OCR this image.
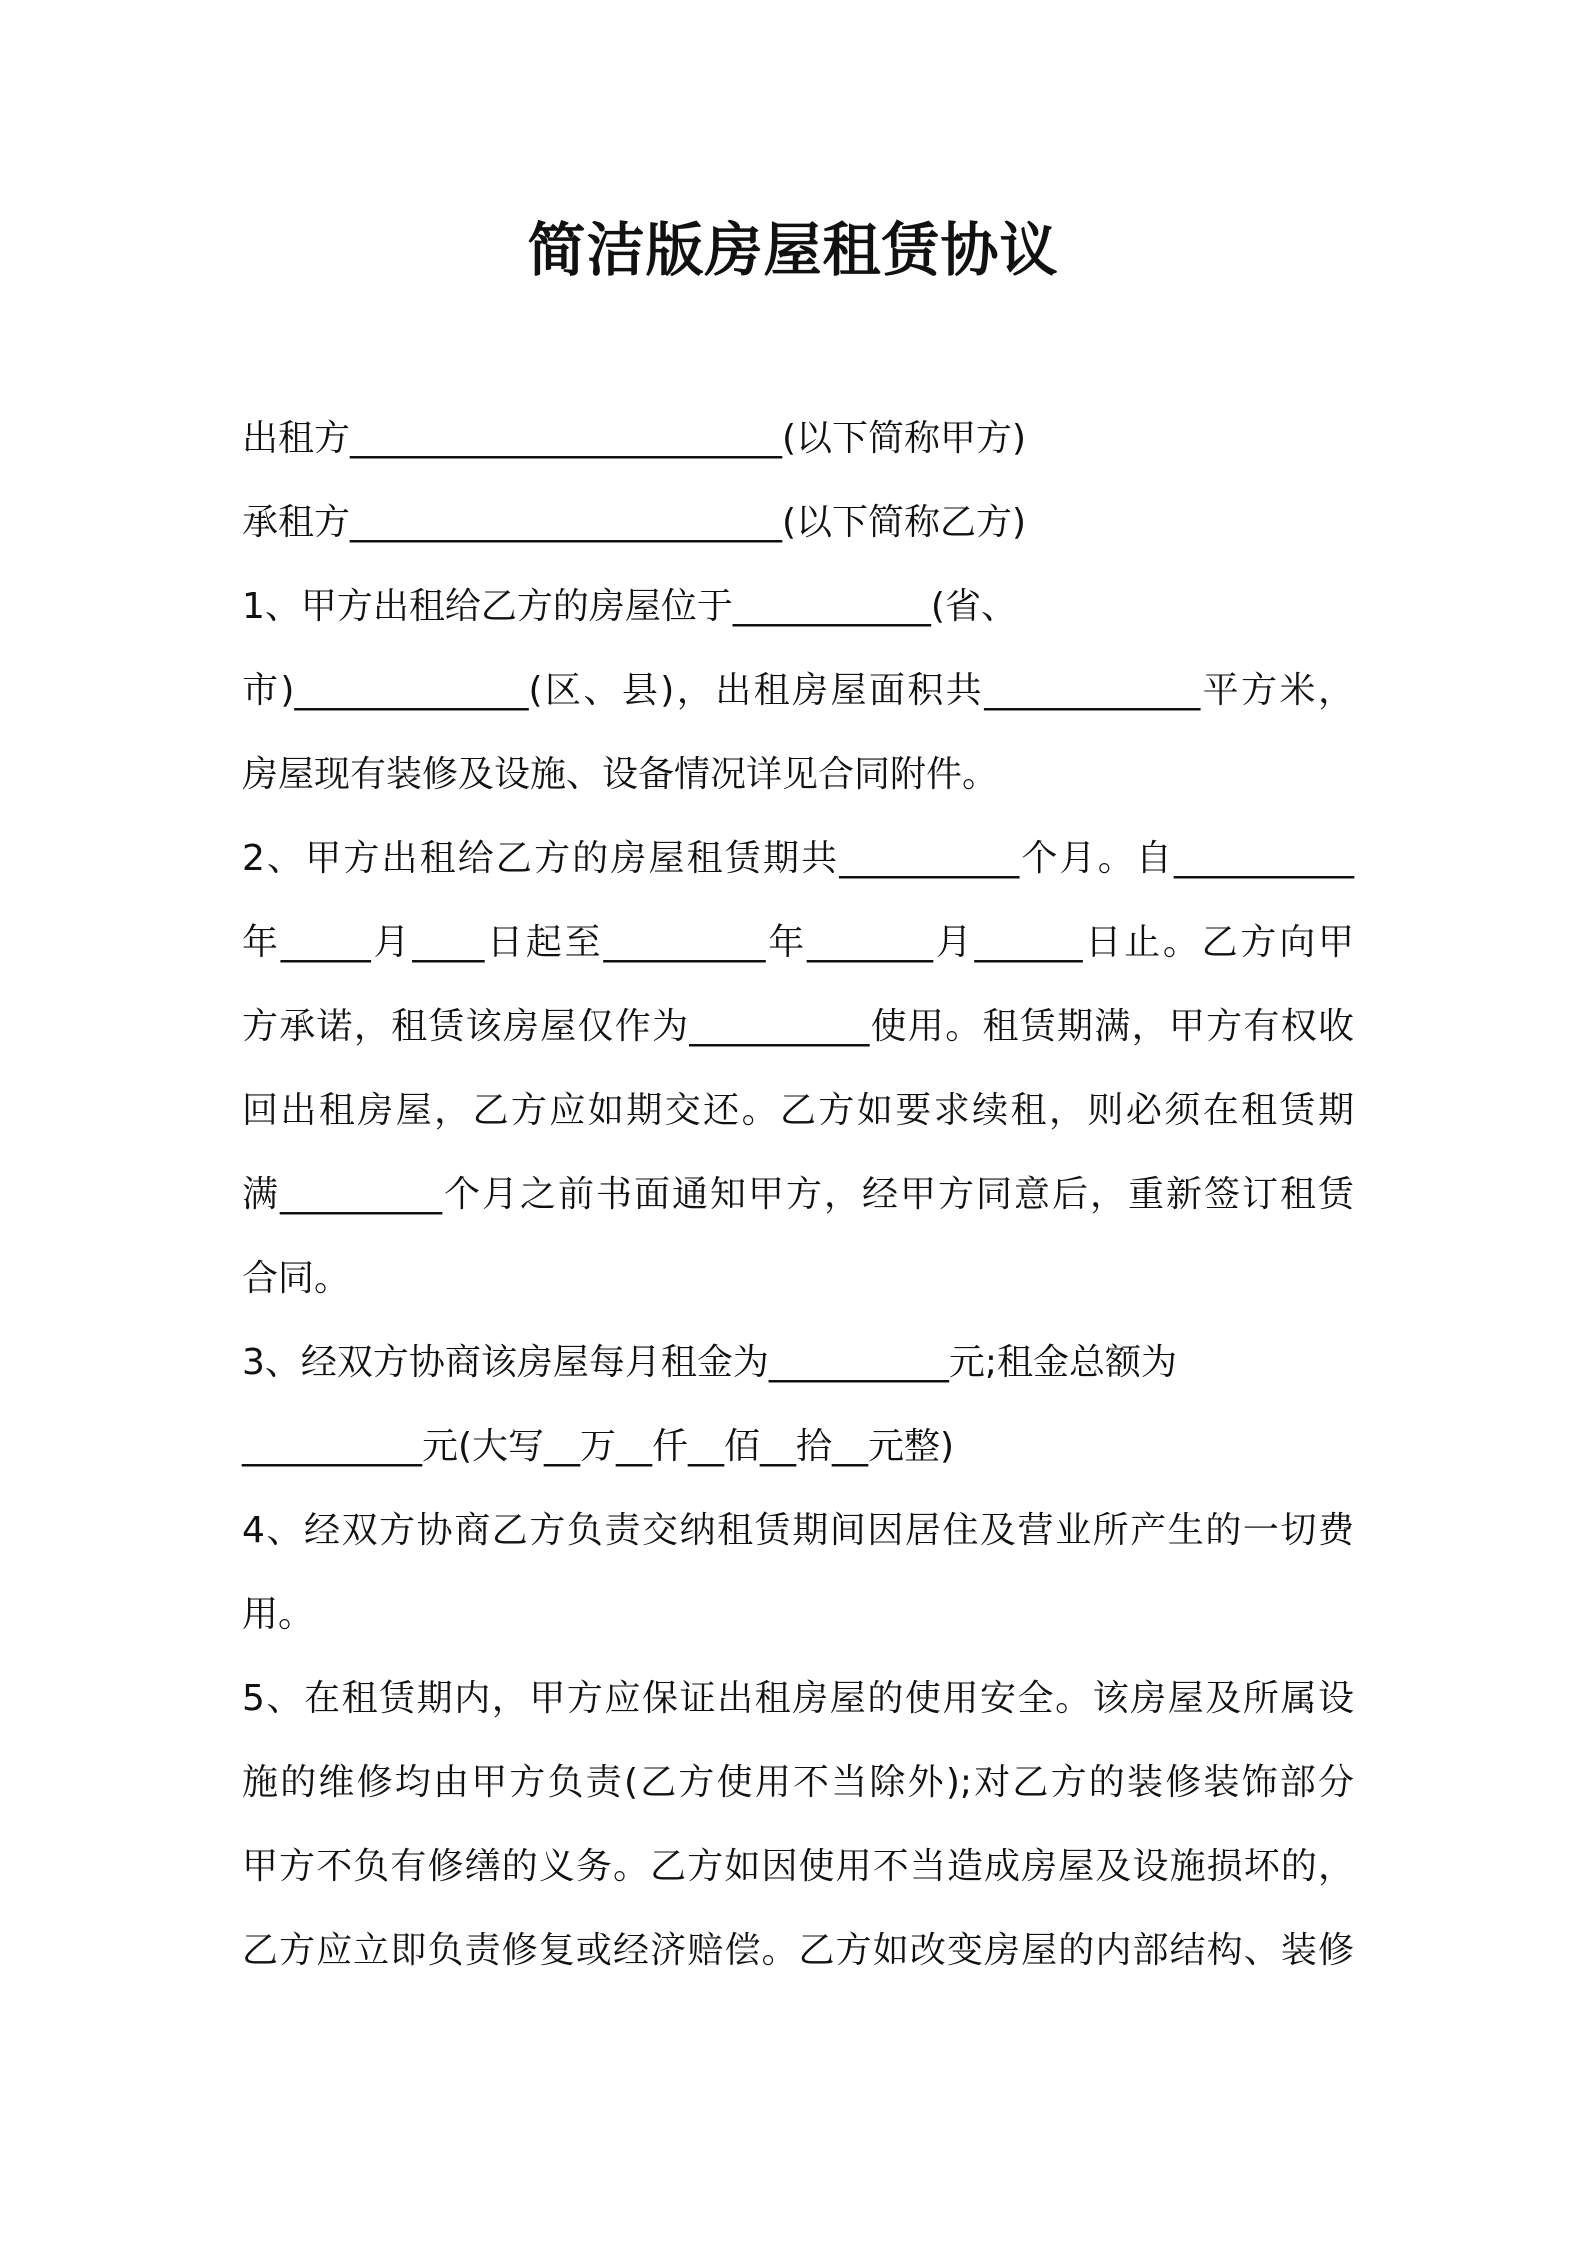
简洁版房屋租赁协议
出租方________________________(以下简称甲方)
承租方________________________(以下简称乙方)
1、甲方出租给乙方的房屋位于___________(省、
市)_____________(区、县)，出租房屋面积共____________平方米，
房屋现有装修及设施、设备情况详见合同附件。
2、甲方出租给乙方的房屋租赁期共__________个月。自__________
年_____月____日起至_________年_______月______日止。乙方向甲
方承诺，租赁该房屋仅作为__________使用。租赁期满，甲方有权收
回出租房屋，乙方应如期交还。乙方如要求续租，则必须在租赁期
满_________个月之前书面通知甲方，经甲方同意后，重新签订租赁
合同。
3、经双方协商该房屋每月租金为__________元;租金总额为
__________元(大写__万__仟__佰__拾__元整)
4、经双方协商乙方负责交纳租赁期间因居住及营业所产生的一切费
用。
5、在租赁期内，甲方应保证出租房屋的使用安全。该房屋及所属设
施的维修均由甲方负责(乙方使用不当除外);对乙方的装修装饰部分
甲方不负有修缮的义务。乙方如因使用不当造成房屋及设施损坏的，
乙方应立即负责修复或经济赔偿。乙方如改变房屋的内部结构、装修
